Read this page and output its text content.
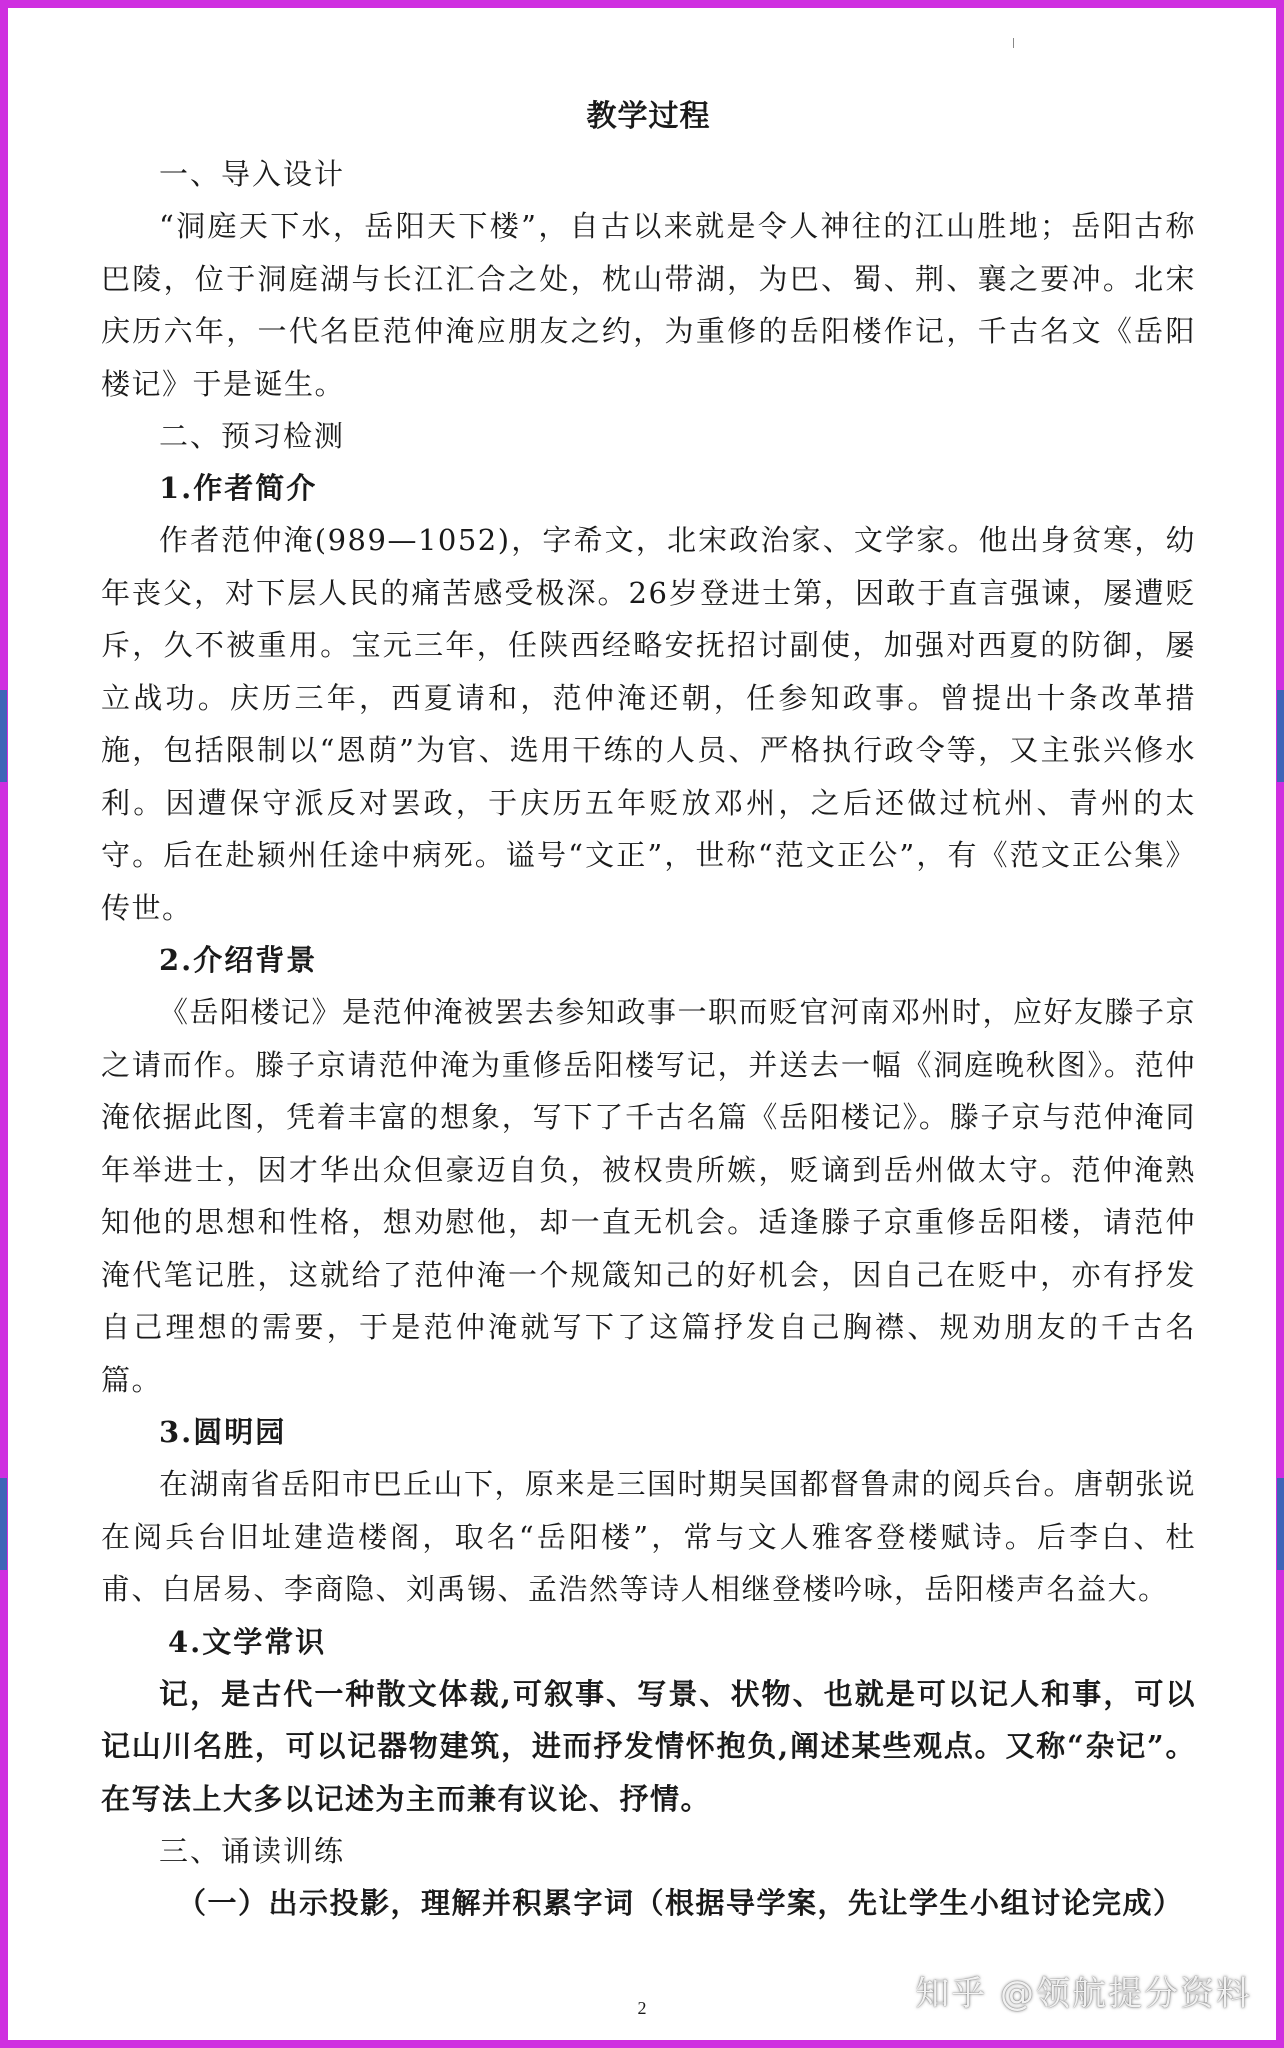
教学过程
一、导入设计

“洞庭天下水，岳阳天下楼”，自古以来就是令人神往的江山胜地；岳阳古称巴陵，位于洞庭湖与长江汇合之处，枕山带湖，为巴、蜀、荆、襄之要冲。北宋庆历六年，一代名臣范仲淹应朋友之约，为重修的岳阳楼作记，千古名文《岳阳楼记》于是诞生。

二、预习检测
1.作者简介

作者范仲淹(989—1052)，字希文，北宋政治家、文学家。他出身贫寒，幼年丧父，对下层人民的痛苦感受极深。26岁登进士第，因敢于直言强谏，屡遭贬斥，久不被重用。宝元三年，任陕西经略安抚招讨副使，加强对西夏的防御，屡立战功。庆历三年，西夏请和，范仲淹还朝，任参知政事。曾提出十条改革措施，包括限制以“恩荫”为官、选用干练的人员、严格执行政令等，又主张兴修水利。因遭保守派反对罢政，于庆历五年贬放邓州，之后还做过杭州、青州的太守。后在赴颍州任途中病死。谥号“文正”，世称“范文正公”，有《范文正公集》传世。

2.介绍背景

《岳阳楼记》是范仲淹被罢去参知政事一职而贬官河南邓州时，应好友滕子京之请而作。滕子京请范仲淹为重修岳阳楼写记，并送去一幅《洞庭晚秋图》。范仲淹依据此图，凭着丰富的想象，写下了千古名篇《岳阳楼记》。滕子京与范仲淹同年举进士，因才华出众但豪迈自负，被权贵所嫉，贬谪到岳州做太守。范仲淹熟知他的思想和性格，想劝慰他，却一直无机会。适逢滕子京重修岳阳楼，请范仲淹代笔记胜，这就给了范仲淹一个规箴知己的好机会，因自己在贬中，亦有抒发自己理想的需要，于是范仲淹就写下了这篇抒发自己胸襟、规劝朋友的千古名篇。

3.圆明园

在湖南省岳阳市巴丘山下，原来是三国时期吴国都督鲁肃的阅兵台。唐朝张说在阅兵台旧址建造楼阁，取名“岳阳楼”，常与文人雅客登楼赋诗。后李白、杜甫、白居易、李商隐、刘禹锡、孟浩然等诗人相继登楼吟咏，岳阳楼声名益大。

4.文学常识

记，是古代一种散文体裁,可叙事、写景、状物、也就是可以记人和事，可以记山川名胜，可以记器物建筑，进而抒发情怀抱负,阐述某些观点。又称“杂记”。在写法上大多以记述为主而兼有议论、抒情。

三、诵读训练

（一）出示投影，理解并积累字词（根据导学案，先让学生小组讨论完成）

2	知乎 @领航提分资料
